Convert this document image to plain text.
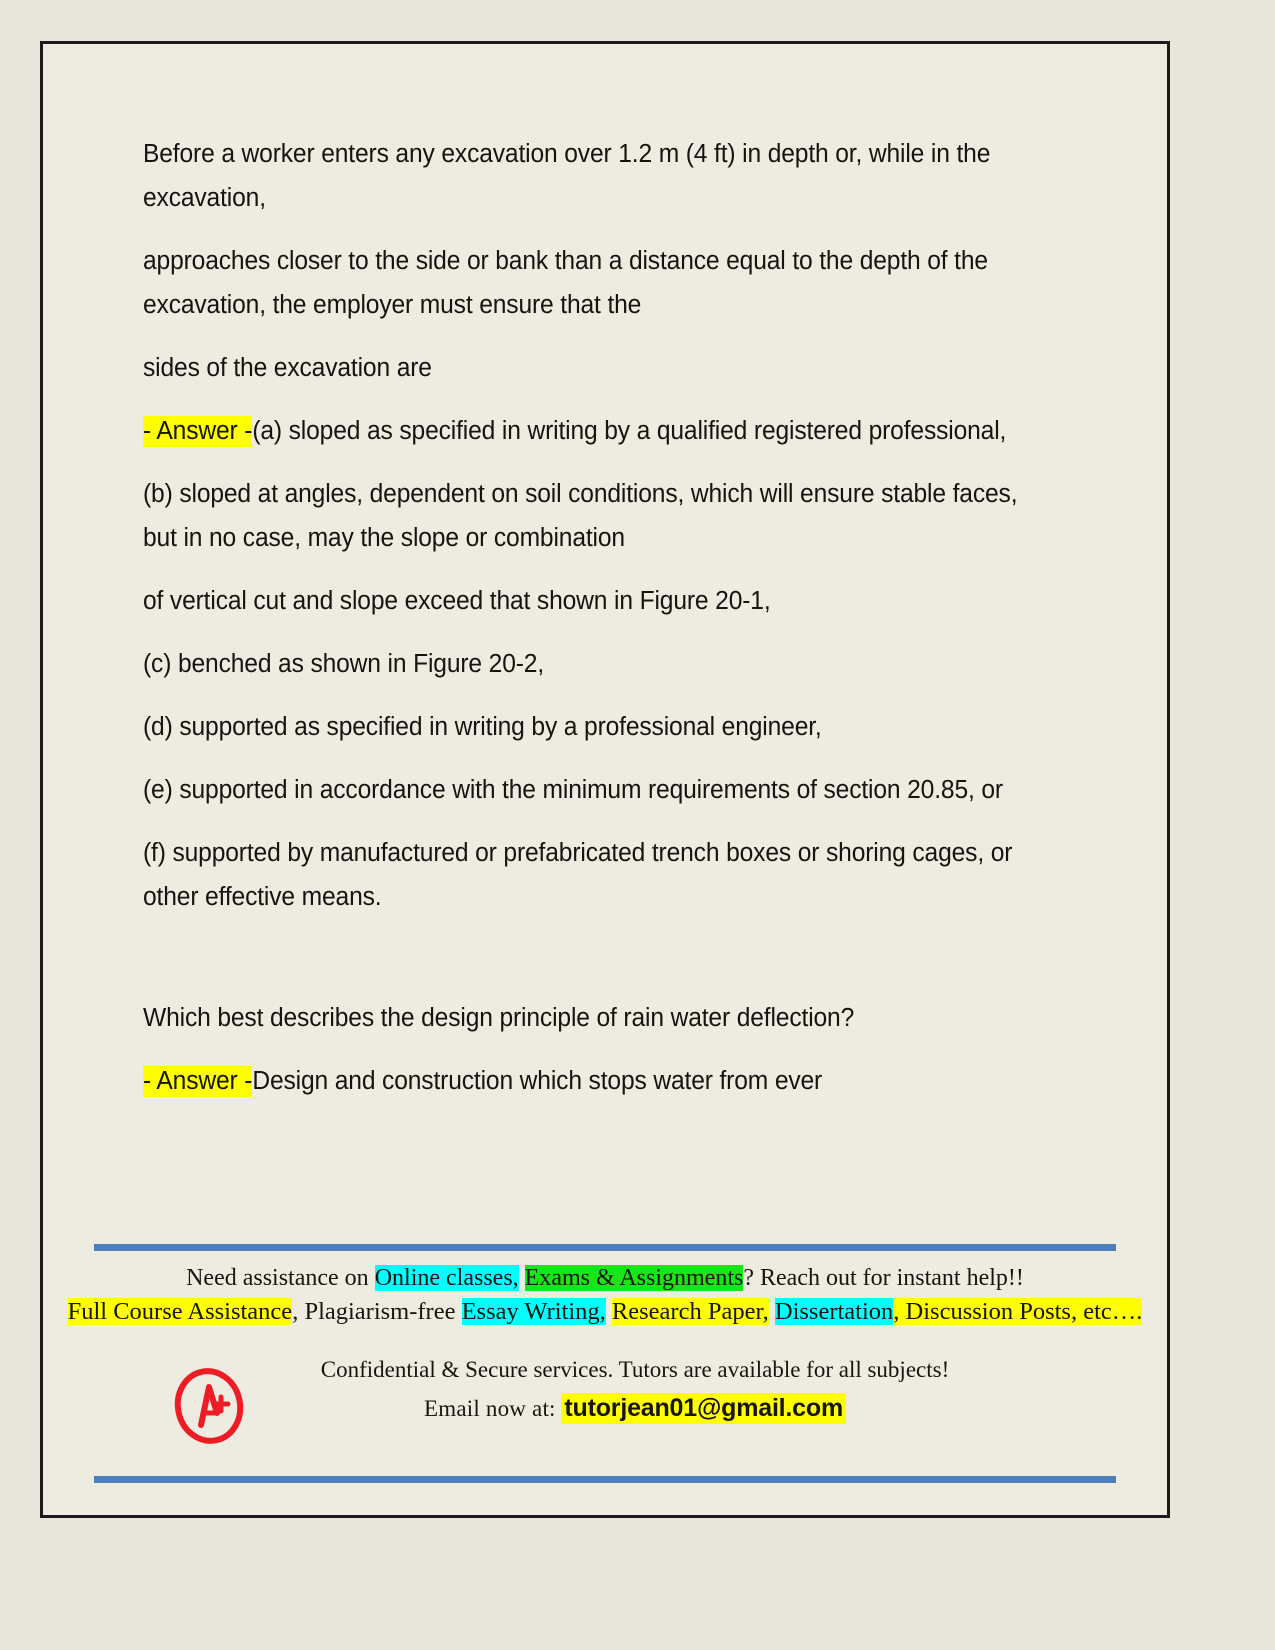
Before a worker enters any excavation over 1.2 m (4 ft) in depth or, while in the excavation,

approaches closer to the side or bank than a distance equal to the depth of the excavation, the employer must ensure that the

sides of the excavation are

- Answer -(a) sloped as specified in writing by a qualified registered professional,

(b) sloped at angles, dependent on soil conditions, which will ensure stable faces, but in no case, may the slope or combination

of vertical cut and slope exceed that shown in Figure 20-1,

(c) benched as shown in Figure 20-2,

(d) supported as specified in writing by a professional engineer,

(e) supported in accordance with the minimum requirements of section 20.85, or

(f) supported by manufactured or prefabricated trench boxes or shoring cages, or other effective means.

Which best describes the design principle of rain water deflection?

- Answer -Design and construction which stops water from ever

Need assistance on Online classes, Exams & Assignments? Reach out for instant help!!
Full Course Assistance, Plagiarism-free Essay Writing, Research Paper, Dissertation, Discussion Posts, etc….
Confidential & Secure services. Tutors are available for all subjects!
Email now at: tutorjean01@gmail.com
